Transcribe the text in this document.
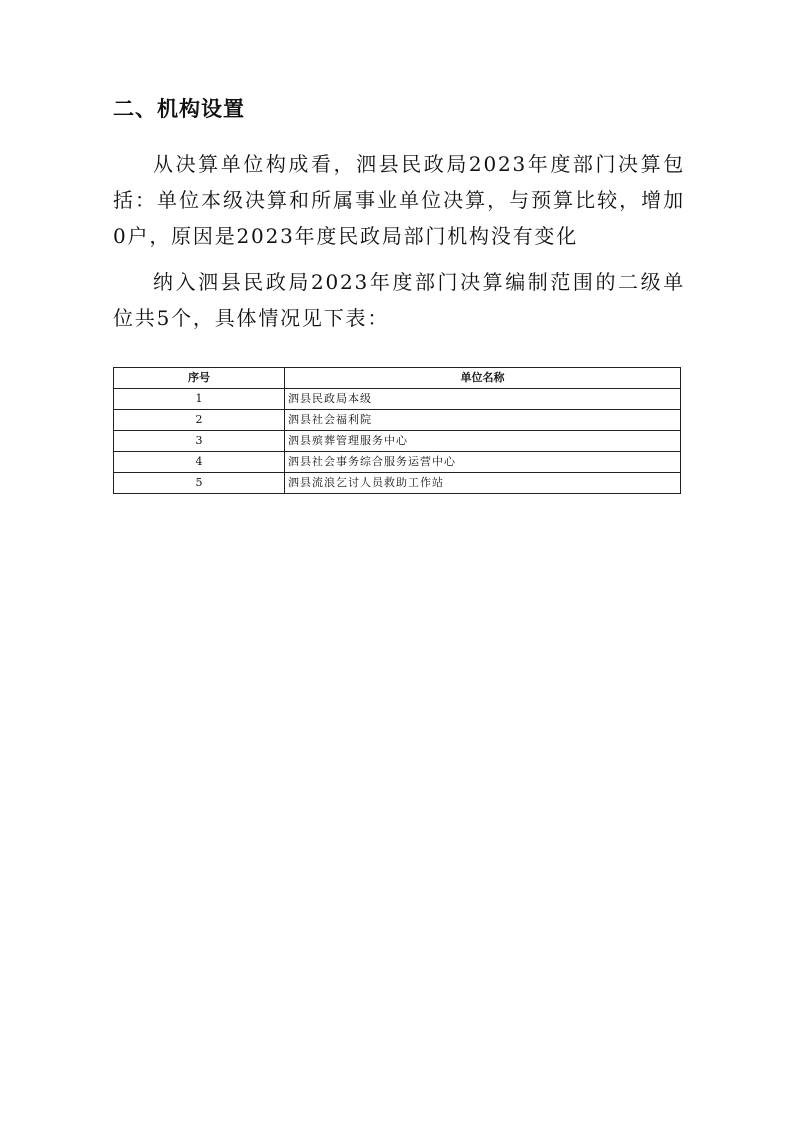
二、机构设置

从决算单位构成看，泗县民政局2023年度部门决算包括：单位本级决算和所属事业单位决算，与预算比较，增加0户，原因是2023年度民政局部门机构没有变化

纳入泗县民政局2023年度部门决算编制范围的二级单位共5个，具体情况见下表：

序号	单位名称
1	泗县民政局本级
2	泗县社会福利院
3	泗县殡葬管理服务中心
4	泗县社会事务综合服务运营中心
5	泗县流浪乞讨人员救助工作站
